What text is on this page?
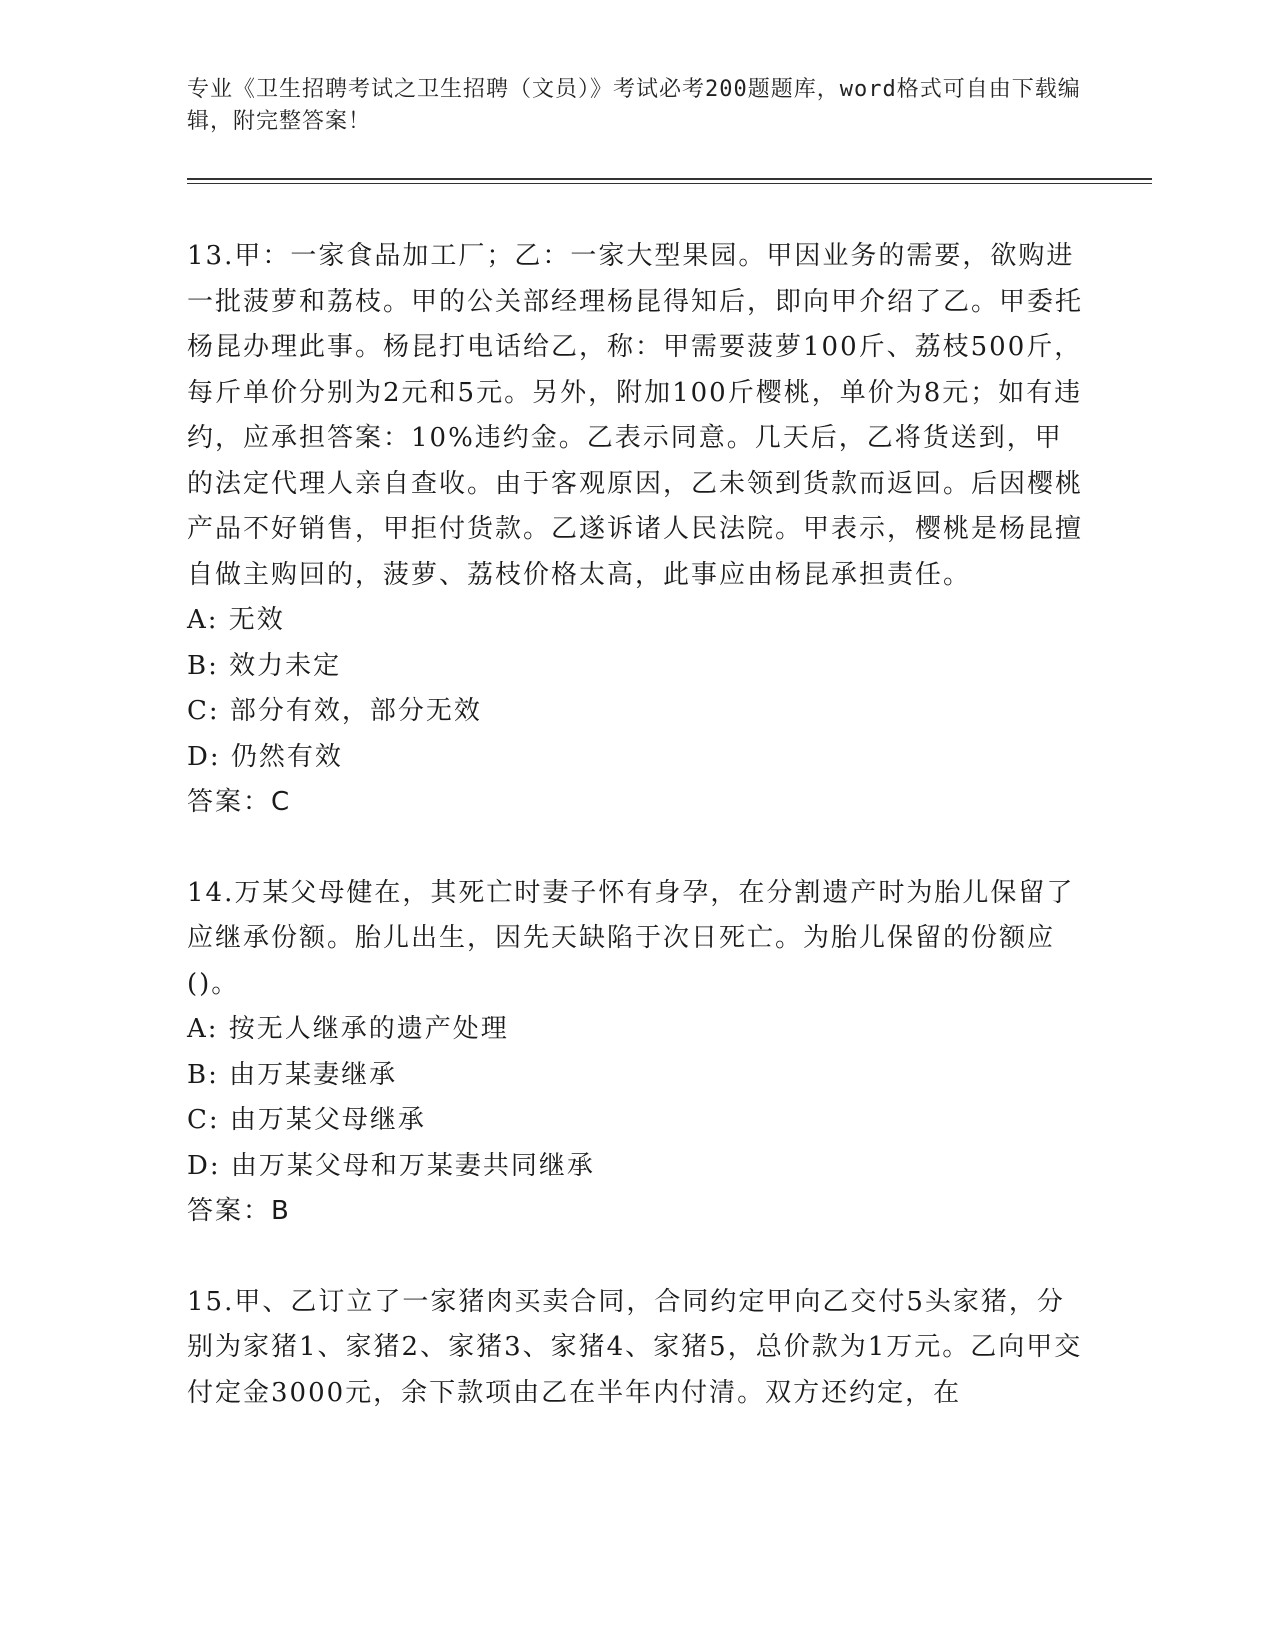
专业《卫生招聘考试之卫生招聘（文员）》考试必考200题题库，word格式可自由下载编辑，附完整答案！

13.甲：一家食品加工厂；乙：一家大型果园。甲因业务的需要，欲购进一批菠萝和荔枝。甲的公关部经理杨昆得知后，即向甲介绍了乙。甲委托杨昆办理此事。杨昆打电话给乙，称：甲需要菠萝100斤、荔枝500斤，每斤单价分别为2元和5元。另外，附加100斤樱桃，单价为8元；如有违约，应承担答案：10%违约金。乙表示同意。几天后，乙将货送到，甲的法定代理人亲自查收。由于客观原因，乙未领到货款而返回。后因樱桃产品不好销售，甲拒付货款。乙遂诉诸人民法院。甲表示，樱桃是杨昆擅自做主购回的，菠萝、荔枝价格太高，此事应由杨昆承担责任。

A: 无效

B: 效力未定

C: 部分有效，部分无效

D: 仍然有效

答案：C

14.万某父母健在，其死亡时妻子怀有身孕，在分割遗产时为胎儿保留了应继承份额。胎儿出生，因先天缺陷于次日死亡。为胎儿保留的份额应()。

A: 按无人继承的遗产处理

B: 由万某妻继承

C: 由万某父母继承

D: 由万某父母和万某妻共同继承

答案：B

15.甲、乙订立了一家猪肉买卖合同，合同约定甲向乙交付5头家猪，分别为家猪1、家猪2、家猪3、家猪4、家猪5，总价款为1万元。乙向甲交付定金3000元，余下款项由乙在半年内付清。双方还约定，在
